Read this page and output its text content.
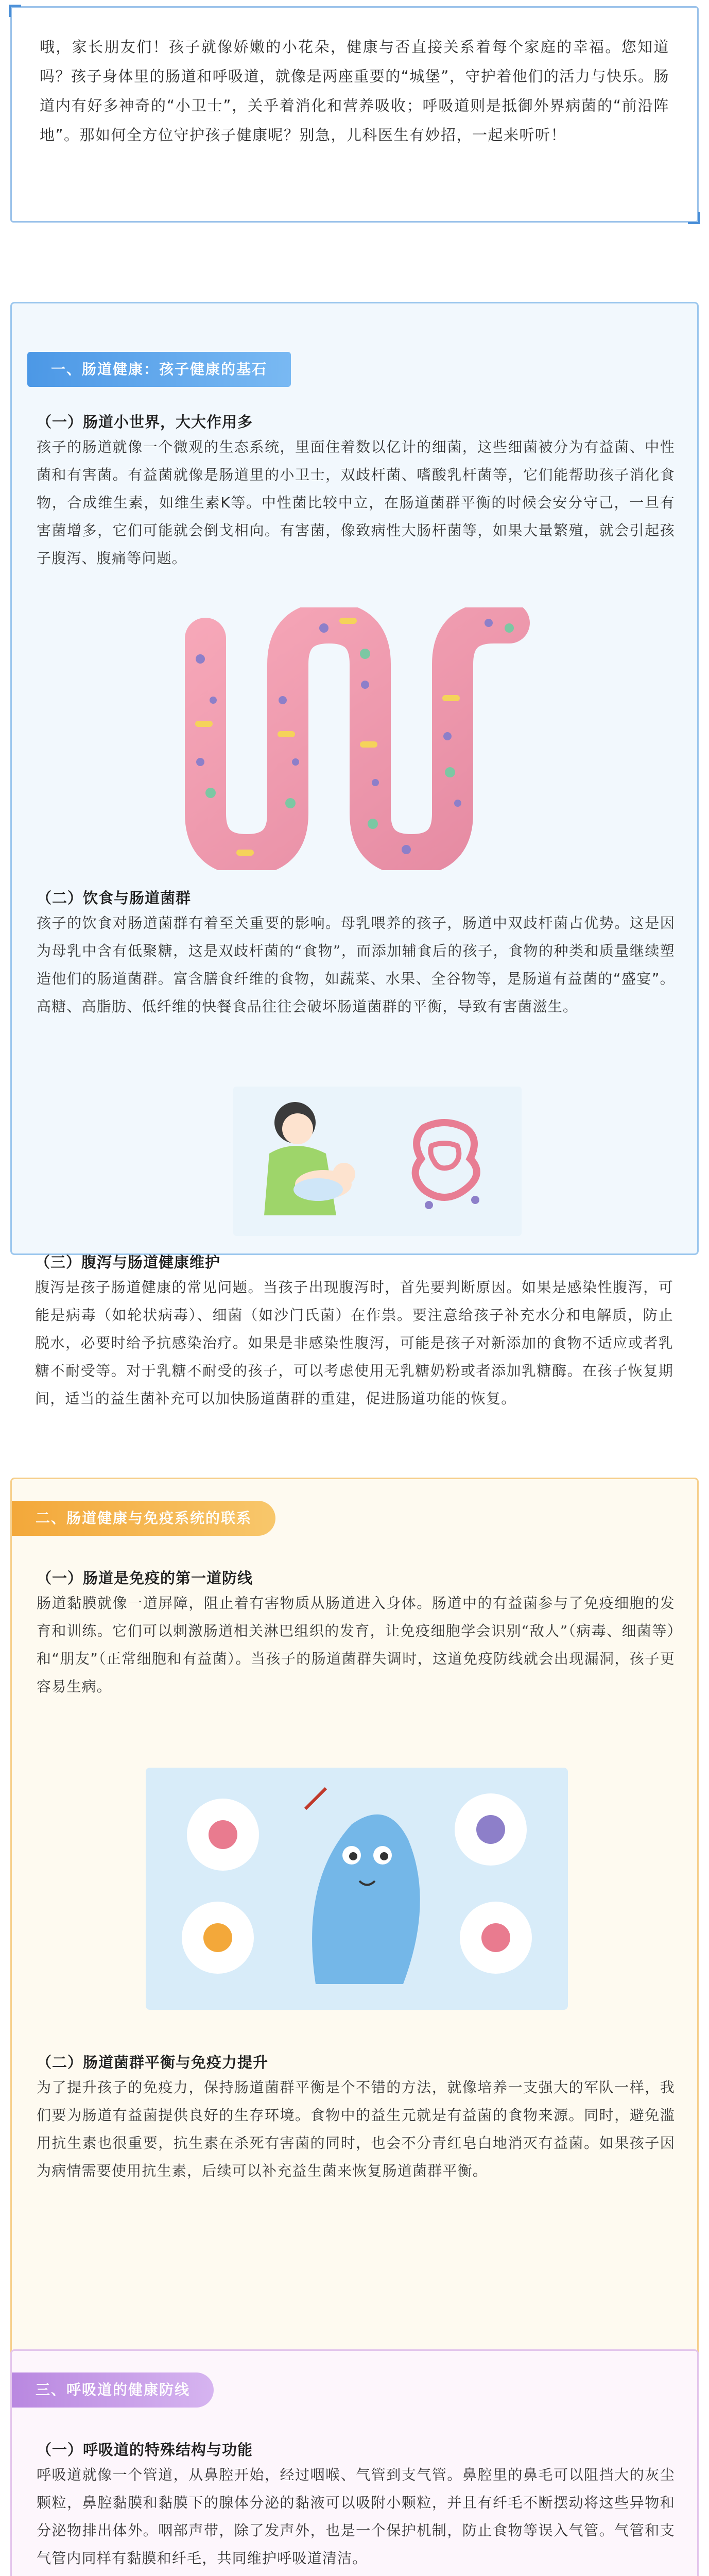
哦，家长朋友们！孩子就像娇嫩的小花朵，健康与否直接关系着每个家庭的幸福。您知道吗？孩子身体里的肠道和呼吸道，就像是两座重要的“城堡”，守护着他们的活力与快乐。肠道内有好多神奇的“小卫士”，关乎着消化和营养吸收；呼吸道则是抵御外界病菌的“前沿阵地”。那如何全方位守护孩子健康呢？别急，儿科医生有妙招，一起来听听！

一、肠道健康：孩子健康的基石
（一）肠道小世界，大大作用多
孩子的肠道就像一个微观的生态系统，里面住着数以亿计的细菌，这些细菌被分为有益菌、中性菌和有害菌。有益菌就像是肠道里的小卫士，双歧杆菌、嗜酸乳杆菌等，它们能帮助孩子消化食物，合成维生素，如维生素K等。中性菌比较中立，在肠道菌群平衡的时候会安分守己，一旦有害菌增多，它们可能就会倒戈相向。有害菌，像致病性大肠杆菌等，如果大量繁殖，就会引起孩子腹泻、腹痛等问题。
（二）饮食与肠道菌群
孩子的饮食对肠道菌群有着至关重要的影响。母乳喂养的孩子，肠道中双歧杆菌占优势。这是因为母乳中含有低聚糖，这是双歧杆菌的“食物”，而添加辅食后的孩子，食物的种类和质量继续塑造他们的肠道菌群。富含膳食纤维的食物，如蔬菜、水果、全谷物等，是肠道有益菌的“盛宴”。高糖、高脂肪、低纤维的快餐食品往往会破坏肠道菌群的平衡，导致有害菌滋生。
（三）腹泻与肠道健康维护
腹泻是孩子肠道健康的常见问题。当孩子出现腹泻时，首先要判断原因。如果是感染性腹泻，可能是病毒（如轮状病毒）、细菌（如沙门氏菌）在作祟。要注意给孩子补充水分和电解质，防止脱水，必要时给予抗感染治疗。如果是非感染性腹泻，可能是孩子对新添加的食物不适应或者乳糖不耐受等。对于乳糖不耐受的孩子，可以考虑使用无乳糖奶粉或者添加乳糖酶。在孩子恢复期间，适当的益生菌补充可以加快肠道菌群的重建，促进肠道功能的恢复。
二、肠道健康与免疫系统的联系
（一）肠道是免疫的第一道防线
肠道黏膜就像一道屏障，阻止着有害物质从肠道进入身体。肠道中的有益菌参与了免疫细胞的发育和训练。它们可以刺激肠道相关淋巴组织的发育，让免疫细胞学会识别“敌人”（病毒、细菌等）和“朋友”（正常细胞和有益菌）。当孩子的肠道菌群失调时，这道免疫防线就会出现漏洞，孩子更容易生病。
（二）肠道菌群平衡与免疫力提升
为了提升孩子的免疫力，保持肠道菌群平衡是个不错的方法，就像培养一支强大的军队一样，我们要为肠道有益菌提供良好的生存环境。食物中的益生元就是有益菌的食物来源。同时，避免滥用抗生素也很重要，抗生素在杀死有害菌的同时，也会不分青红皂白地消灭有益菌。如果孩子因为病情需要使用抗生素，后续可以补充益生菌来恢复肠道菌群平衡。
三、呼吸道的健康防线
（一）呼吸道的特殊结构与功能
呼吸道就像一个管道，从鼻腔开始，经过咽喉、气管到支气管。鼻腔里的鼻毛可以阻挡大的灰尘颗粒，鼻腔黏膜和黏膜下的腺体分泌的黏液可以吸附小颗粒，并且有纤毛不断摆动将这些异物和分泌物排出体外。咽部声带，除了发声外，也是一个保护机制，防止食物等误入气管。气管和支气管内同样有黏膜和纤毛，共同维护呼吸道清洁。
